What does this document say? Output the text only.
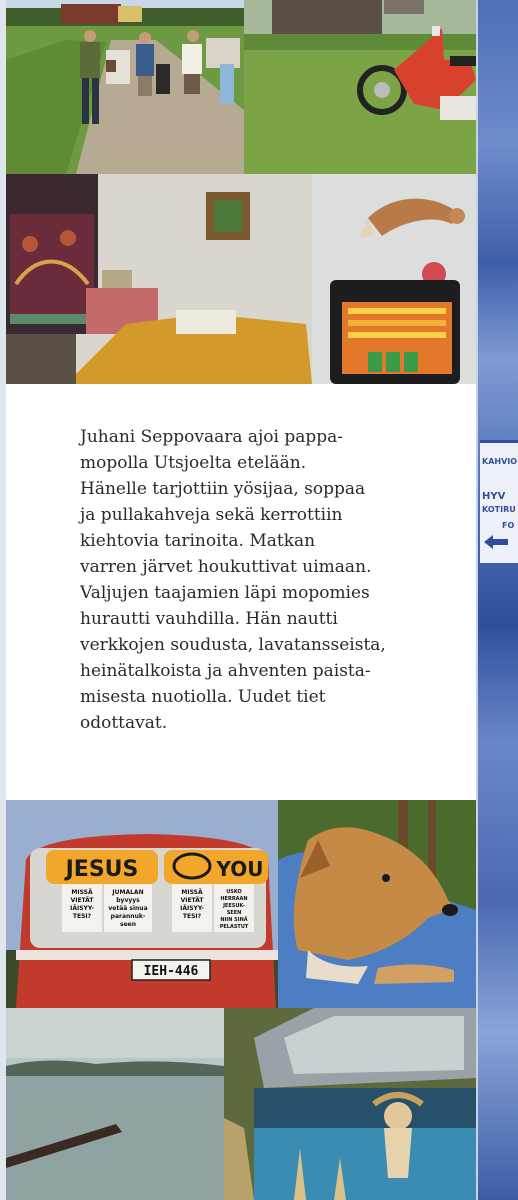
KAHVIO
HYV
KOTIRU
FO

Juhani Seppovaara ajoi pappa-
mopolla Utsjoelta etelään.
Hänelle tarjottiin yösijaa, soppaa
ja pullakahveja sekä kerrottiin
kiehtovia tarinoita. Matkan
varren järvet houkuttivat uimaan.
Valjujen taajamien läpi mopomies
hurautti vauhdilla. Hän nautti
verkkojen soudusta, lavatansseista,
heinätalkoista ja ahventen paista-
misesta nuotiolla. Uudet tiet
odottavat.

JESUS	YOU
MISSÄ
VIETÄT
IÄISYY-
TESI?
JUMALAN
byvyys
vetää sinua
parannuk-
seen
MISSÄ
VIETÄT
IÄISYY-
TESI?
USKO
HERRAAN
JEESUK-
SEEN
NIIN SINÄ
PELASTUT
IEH-446
